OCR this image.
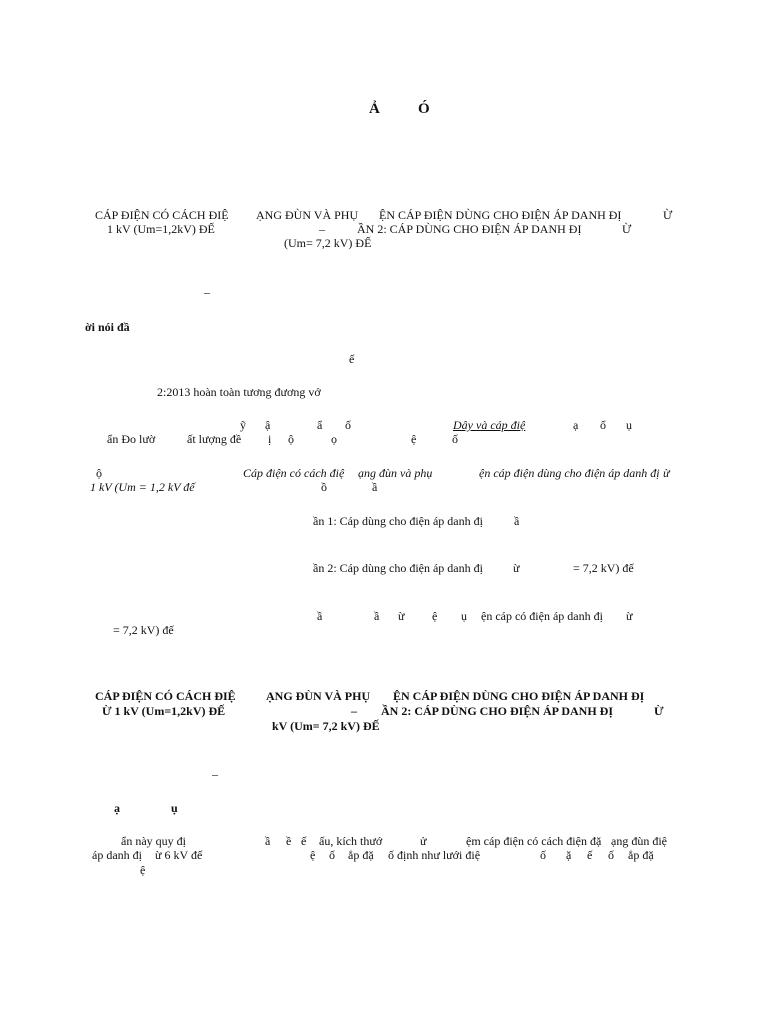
Ả	Ó
CÁP ĐIỆN CÓ CÁCH ĐIỆ ẠNG ĐÙN VÀ PHỤ ỆN CÁP ĐIỆN DÙNG CHO ĐIỆN ÁP DANH ĐỊ	Ừ
1 kV (Um=1,2kV) ĐẾ	–	ẦN 2: CÁP DÙNG CHO ĐIỆN ÁP DANH ĐỊ	Ừ
(Um= 7,2 kV) ĐẾ
–
ời nói đầ
ế
2:2013 hoàn toàn tương đương vớ
ỹ ậ	ẩ ố	Dây và cáp điệ	ạ ổ ụ
ẩn Đo lườ	ất lượng đề ị ộ	ọ	ệ	ố
ộ	Cáp điện có cách điệ ạng đùn và phụ	ện cáp điện dùng cho điện áp danh đị ừ
1 kV (Um = 1,2 kV đế	ồ	ầ
ần 1: Cáp dùng cho điện áp danh đị	ầ
ần 2: Cáp dùng cho điện áp danh đị	ừ	= 7,2 kV) đế
ầ	ầ ừ ệ ụ ện cáp có điện áp danh đị ừ
= 7,2 kV) đế
CÁP ĐIỆN CÓ CÁCH ĐIỆ	ẠNG ĐÙN VÀ PHỤ ỆN CÁP ĐIỆN DÙNG CHO ĐIỆN ÁP DANH ĐỊ
Ừ 1 kV (Um=1,2kV) ĐẾ	– ẦN 2: CÁP DÙNG CHO ĐIỆN ÁP DANH ĐỊ	Ừ
kV (Um= 7,2 kV) ĐẾ
–
ạ	ụ
ẩn này quy đị	ầ ề ế ấu, kích thướ	ử	ệm cáp điện có cách điện đặ ạng đùn điệ
áp danh đị ừ 6 kV đế	ệ ố ắp đặ ố định như lưới điệ	ố ặ ế ố ắp đặ
ệ
